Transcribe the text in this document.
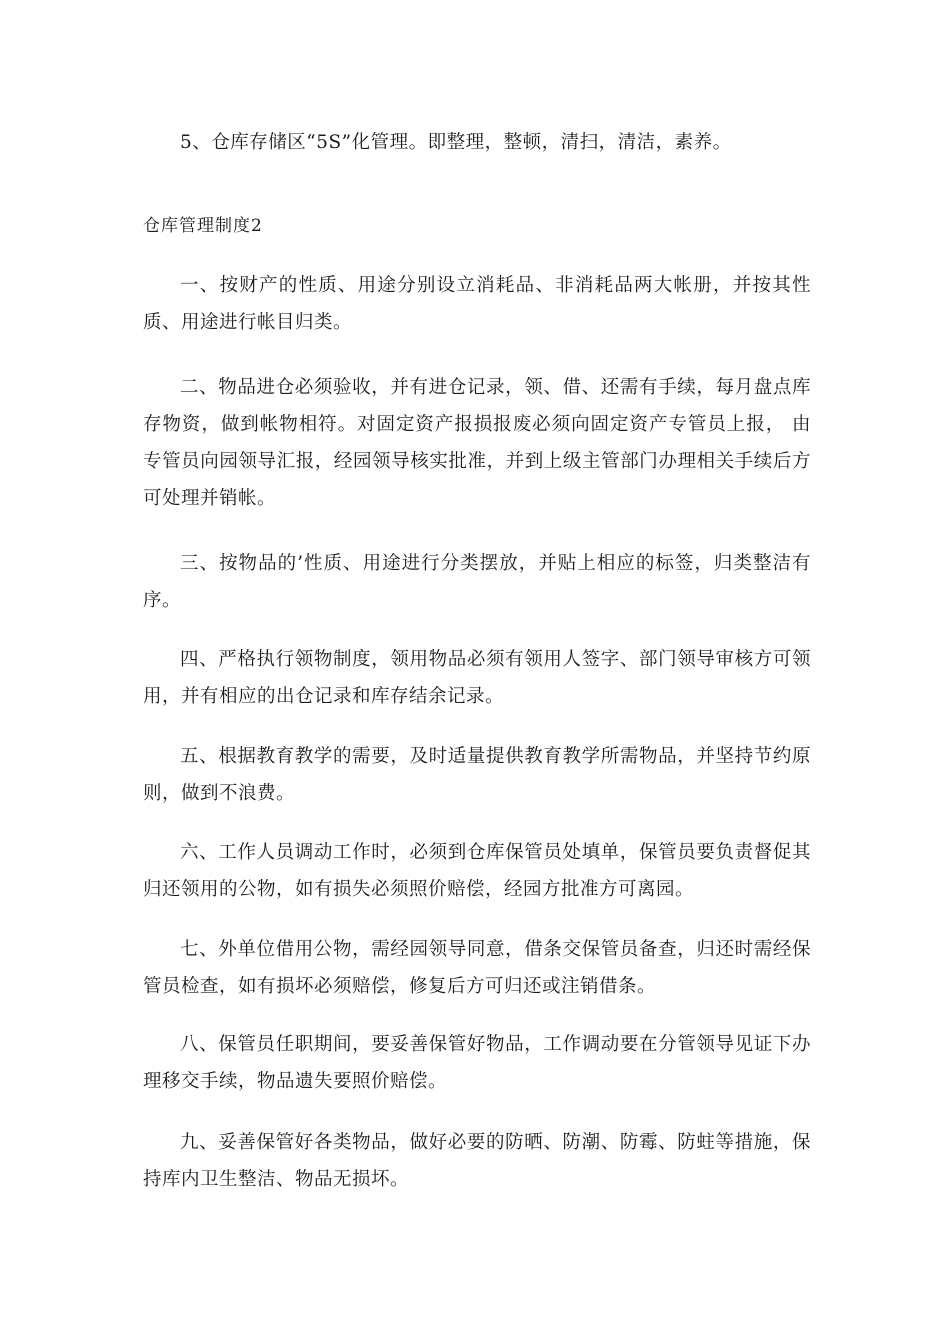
5、仓库存储区“5S”化管理。即整理，整顿，清扫，清洁，素养。

仓库管理制度2

一、按财产的性质、用途分别设立消耗品、非消耗品两大帐册，并按其性质、用途进行帐目归类。

二、物品进仓必须验收，并有进仓记录，领、借、还需有手续，每月盘点库存物资，做到帐物相符。对固定资产报损报废必须向固定资产专管员上报， 由专管员向园领导汇报，经园领导核实批准，并到上级主管部门办理相关手续后方可处理并销帐。

三、按物品的’性质、用途进行分类摆放，并贴上相应的标签，归类整洁有序。

四、严格执行领物制度，领用物品必须有领用人签字、部门领导审核方可领用，并有相应的出仓记录和库存结余记录。

五、根据教育教学的需要，及时适量提供教育教学所需物品，并坚持节约原则，做到不浪费。

六、工作人员调动工作时，必须到仓库保管员处填单，保管员要负责督促其归还领用的公物，如有损失必须照价赔偿，经园方批准方可离园。

七、外单位借用公物，需经园领导同意，借条交保管员备查，归还时需经保管员检查，如有损坏必须赔偿，修复后方可归还或注销借条。

八、保管员任职期间，要妥善保管好物品，工作调动要在分管领导见证下办理移交手续，物品遗失要照价赔偿。

九、妥善保管好各类物品，做好必要的防晒、防潮、防霉、防蛀等措施，保持库内卫生整洁、物品无损坏。
